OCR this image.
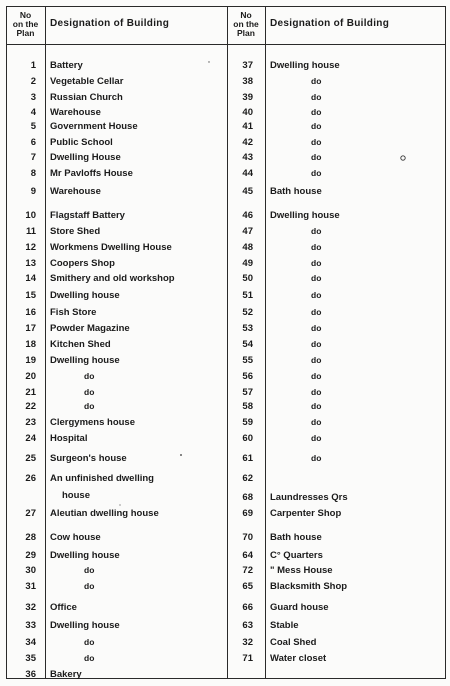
No
on the
Plan
Designation of Building
No
on the
Plan
Designation of Building
1 Battery
2 Vegetable Cellar
3 Russian Church
4 Warehouse
5 Government House
6 Public School
7 Dwelling House
8 Mr Pavloffs House
9 Warehouse
10 Flagstaff Battery
11 Store Shed
12 Workmens Dwelling House
13 Coopers Shop
14 Smithery and old workshop
15 Dwelling house
16 Fish Store
17 Powder Magazine
18 Kitchen Shed
19 Dwelling house
20	do
21	do
22	do
23 Clergymens house
24 Hospital
25 Surgeon's house
26 An unfinished dwelling
house
27 Aleutian dwelling house
28 Cow house
29 Dwelling house
30	do
31	do
32 Office
33 Dwelling house
34	do
35	do
36 Bakery
37 Dwelling house
38	do
39	do
40	do
41	do
42	do
43	do
44	do
45 Bath house
46 Dwelling house
47	do
48	do
49	do
50	do
51	do
52	do
53	do
54	do
55	do
56	do
57	do
58	do
59	do
60	do
61	do
62
68 Laundresses Qrs
69 Carpenter Shop
70 Bath house
64 C° Quarters
72 " Mess House
65 Blacksmith Shop
66 Guard house
63 Stable
32 Coal Shed
71 Water closet
